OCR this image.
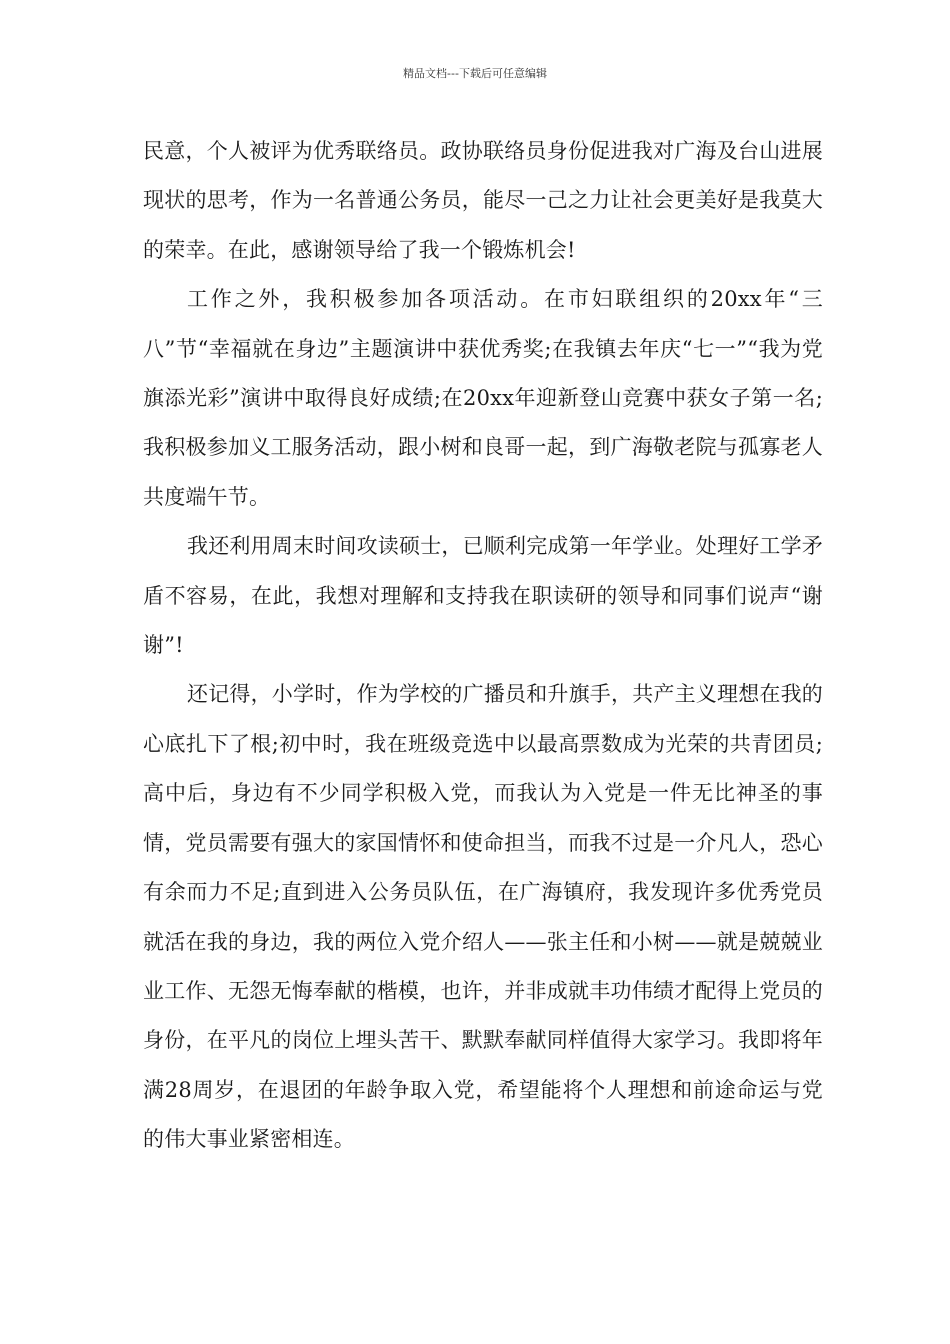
精品文档---下载后可任意编辑

民意，个人被评为优秀联络员。政协联络员身份促进我对广海及台山进展现状的思考，作为一名普通公务员，能尽一己之力让社会更美好是我莫大的荣幸。在此，感谢领导给了我一个锻炼机会!

工作之外，我积极参加各项活动。在市妇联组织的20xx年“三八”节“幸福就在身边”主题演讲中获优秀奖;在我镇去年庆“七一”“我为党旗添光彩”演讲中取得良好成绩;在20xx年迎新登山竞赛中获女子第一名;我积极参加义工服务活动，跟小树和良哥一起，到广海敬老院与孤寡老人共度端午节。

我还利用周末时间攻读硕士，已顺利完成第一年学业。处理好工学矛盾不容易，在此，我想对理解和支持我在职读研的领导和同事们说声“谢谢”!

还记得，小学时，作为学校的广播员和升旗手，共产主义理想在我的心底扎下了根;初中时，我在班级竞选中以最高票数成为光荣的共青团员;高中后，身边有不少同学积极入党，而我认为入党是一件无比神圣的事情，党员需要有强大的家国情怀和使命担当，而我不过是一介凡人，恐心有余而力不足;直到进入公务员队伍，在广海镇府，我发现许多优秀党员就活在我的身边，我的两位入党介绍人——张主任和小树——就是兢兢业业工作、无怨无悔奉献的楷模，也许，并非成就丰功伟绩才配得上党员的身份，在平凡的岗位上埋头苦干、默默奉献同样值得大家学习。我即将年满28周岁，在退团的年龄争取入党，希望能将个人理想和前途命运与党的伟大事业紧密相连。
